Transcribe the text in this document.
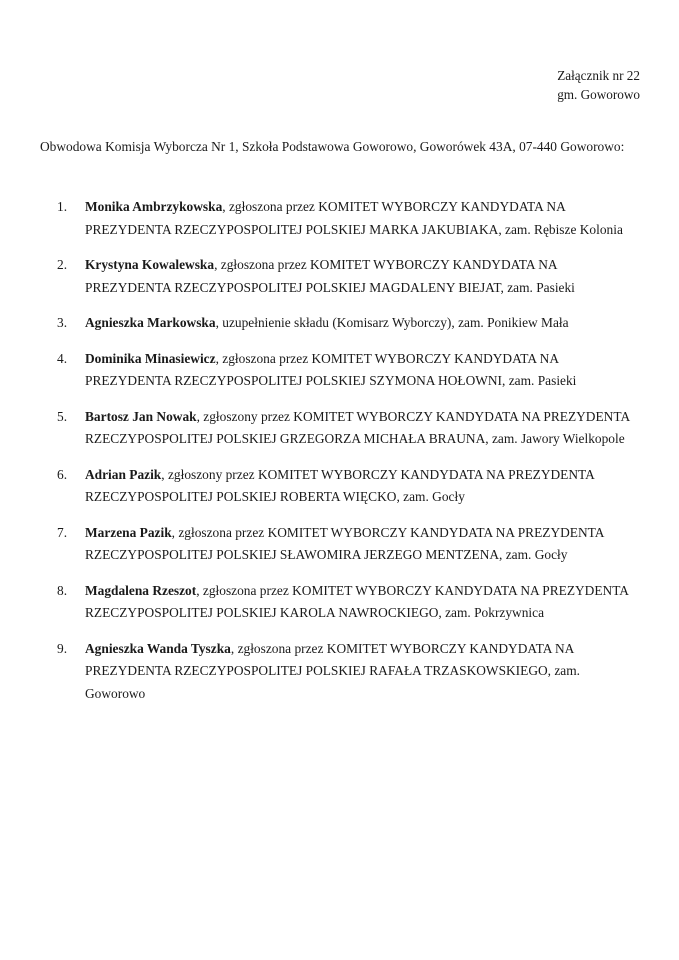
Załącznik nr 22
gm. Goworowo

Obwodowa Komisja Wyborcza Nr 1, Szkoła Podstawowa Goworowo, Goworówek 43A, 07-440 Goworowo:

1.	Monika Ambrzykowska, zgłoszona przez KOMITET WYBORCZY KANDYDATA NA PREZYDENTA RZECZYPOSPOLITEJ POLSKIEJ MARKA JAKUBIAKA, zam. Rębisze Kolonia
2.	Krystyna Kowalewska, zgłoszona przez KOMITET WYBORCZY KANDYDATA NA PREZYDENTA RZECZYPOSPOLITEJ POLSKIEJ MAGDALENY BIEJAT, zam. Pasieki
3.	Agnieszka Markowska, uzupełnienie składu (Komisarz Wyborczy), zam. Ponikiew Mała
4.	Dominika Minasiewicz, zgłoszona przez KOMITET WYBORCZY KANDYDATA NA PREZYDENTA RZECZYPOSPOLITEJ POLSKIEJ SZYMONA HOŁOWNI, zam. Pasieki
5.	Bartosz Jan Nowak, zgłoszony przez KOMITET WYBORCZY KANDYDATA NA PREZYDENTA RZECZYPOSPOLITEJ POLSKIEJ GRZEGORZA MICHAŁA BRAUNA, zam. Jawory Wielkopole
6.	Adrian Pazik, zgłoszony przez KOMITET WYBORCZY KANDYDATA NA PREZYDENTA RZECZYPOSPOLITEJ POLSKIEJ ROBERTA WIĘCKO, zam. Gocły
7.	Marzena Pazik, zgłoszona przez KOMITET WYBORCZY KANDYDATA NA PREZYDENTA RZECZYPOSPOLITEJ POLSKIEJ SŁAWOMIRA JERZEGO MENTZENA, zam. Gocły
8.	Magdalena Rzeszot, zgłoszona przez KOMITET WYBORCZY KANDYDATA NA PREZYDENTA RZECZYPOSPOLITEJ POLSKIEJ KAROLA NAWROCKIEGO, zam. Pokrzywnica
9.	Agnieszka Wanda Tyszka, zgłoszona przez KOMITET WYBORCZY KANDYDATA NA PREZYDENTA RZECZYPOSPOLITEJ POLSKIEJ RAFAŁA TRZASKOWSKIEGO, zam. Goworowo
